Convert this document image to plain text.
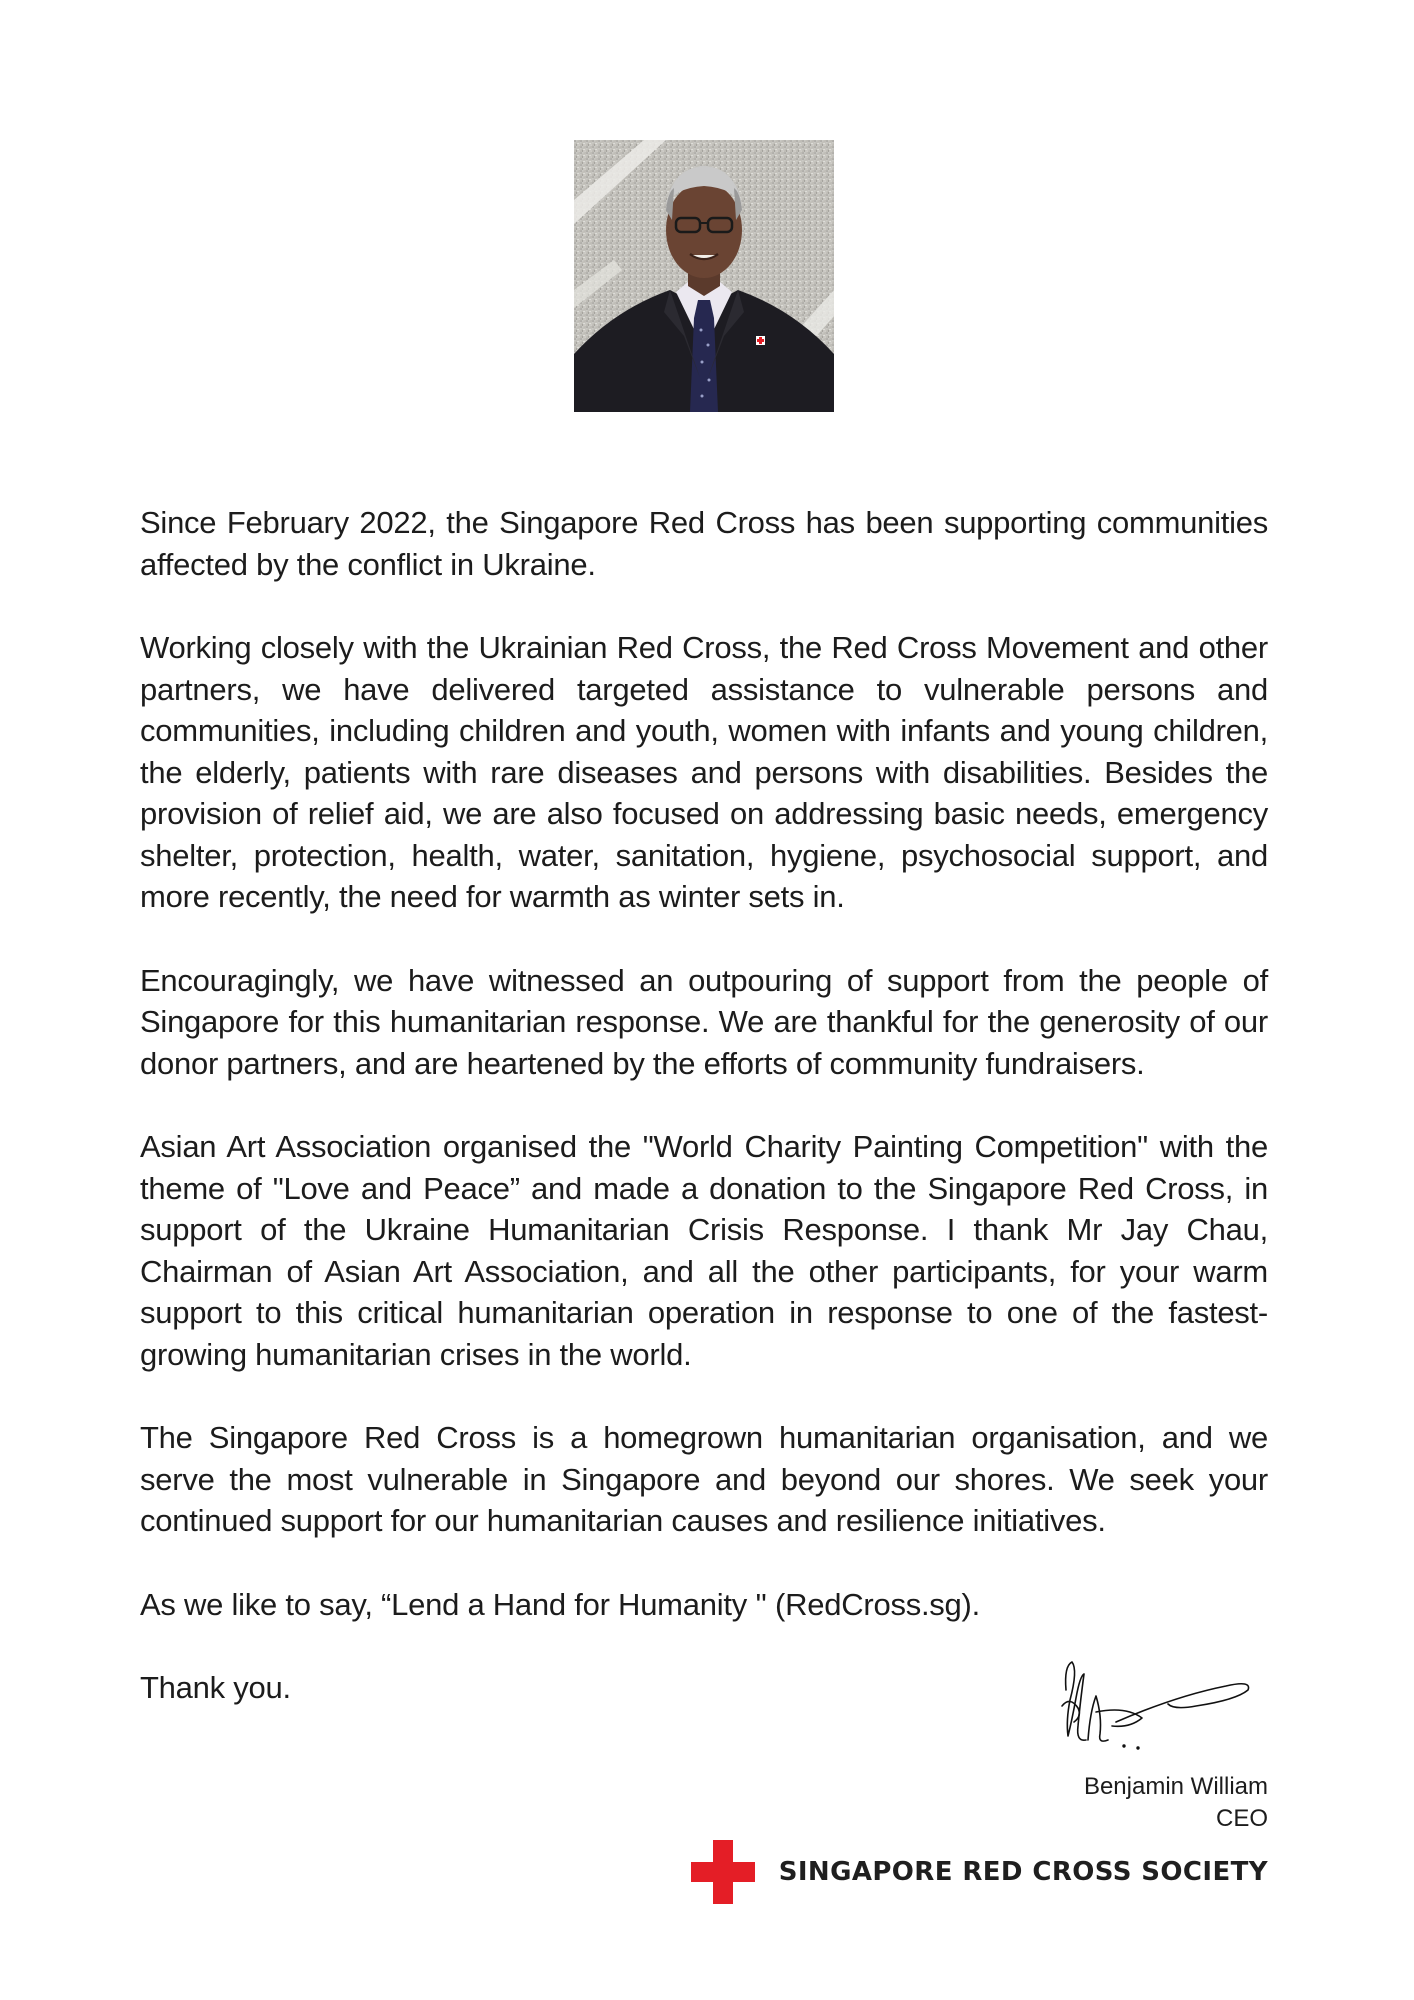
Since February 2022, the Singapore Red Cross has been supporting communities affected by the conflict in Ukraine.

Working closely with the Ukrainian Red Cross, the Red Cross Movement and other partners, we have delivered targeted assistance to vulnerable persons and communities, including children and youth, women with infants and young children, the elderly, patients with rare diseases and persons with disabilities. Besides the provision of relief aid, we are also focused on addressing basic needs, emergency shelter, protection, health, water, sanitation, hygiene, psychosocial support, and more recently, the need for warmth as winter sets in.

Encouragingly, we have witnessed an outpouring of support from the people of Singapore for this humanitarian response. We are thankful for the generosity of our donor partners, and are heartened by the efforts of community fundraisers.

Asian Art Association organised the "World Charity Painting Competition" with the theme of "Love and Peace” and made a donation to the Singapore Red Cross, in support of the Ukraine Humanitarian Crisis Response. I thank Mr Jay Chau, Chairman of Asian Art Association, and all the other participants, for your warm support to this critical humanitarian operation in response to one of the fastest-growing humanitarian crises in the world.

The Singapore Red Cross is a homegrown humanitarian organisation, and we serve the most vulnerable in Singapore and beyond our shores. We seek your continued support for our humanitarian causes and resilience initiatives.

As we like to say, “Lend a Hand for Humanity '' (RedCross.sg).

Thank you.

Benjamin William
CEO
SINGAPORE RED CROSS SOCIETY
